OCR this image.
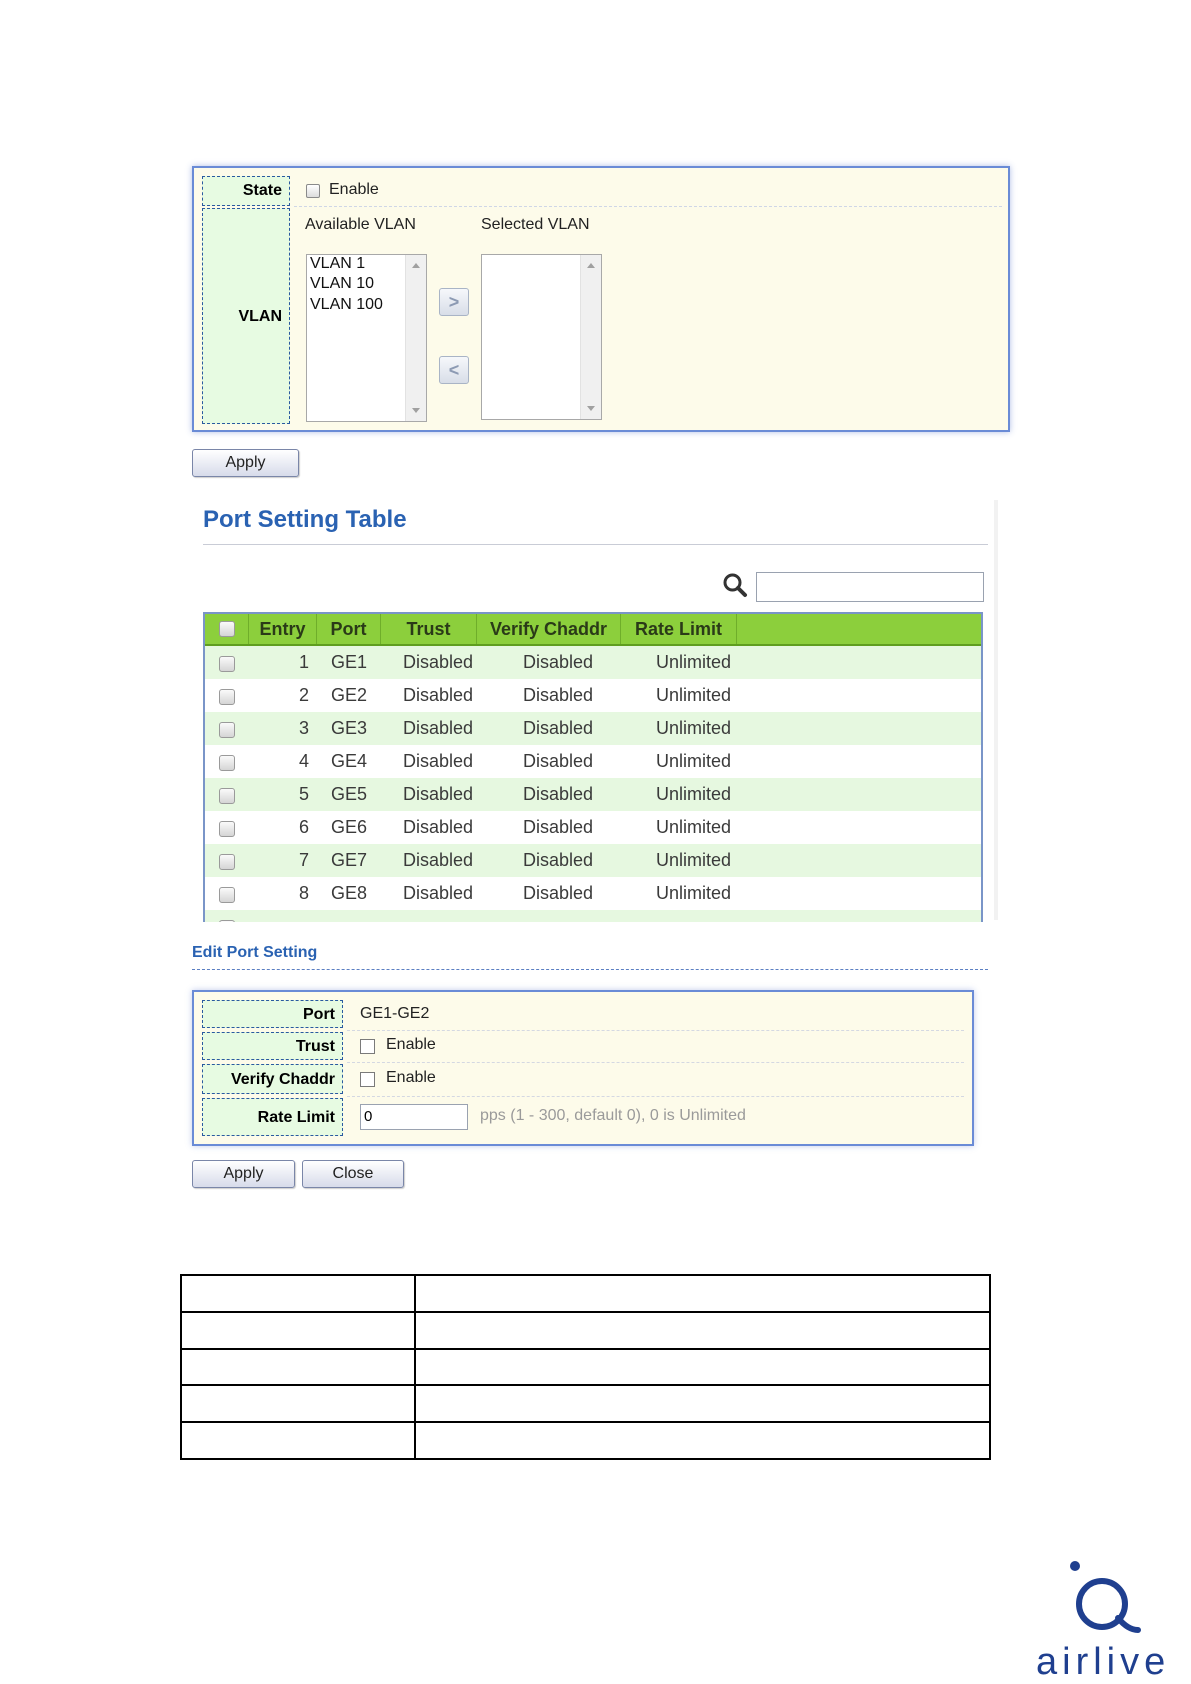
State	Enable
VLAN
Available VLAN	Selected VLAN
VLAN 1
VLAN 10
VLAN 100	>
<
Apply
Port Setting Table
Entry	Port	Trust	Verify Chaddr	Rate Limit
1 GE1 Disabled	Disabled	Unlimited
2 GE2 Disabled	Disabled	Unlimited
3 GE3 Disabled	Disabled	Unlimited
4 GE4 Disabled	Disabled	Unlimited
5 GE5 Disabled	Disabled	Unlimited
6 GE6 Disabled	Disabled	Unlimited
7 GE7 Disabled	Disabled	Unlimited
8 GE8 Disabled	Disabled	Unlimited
Edit Port Setting
Port	GE1-GE2
Trust	Enable
Verify Chaddr	Enable
Rate Limit	0	pps (1 - 300, default 0), 0 is Unlimited
Apply	Close

airlive
